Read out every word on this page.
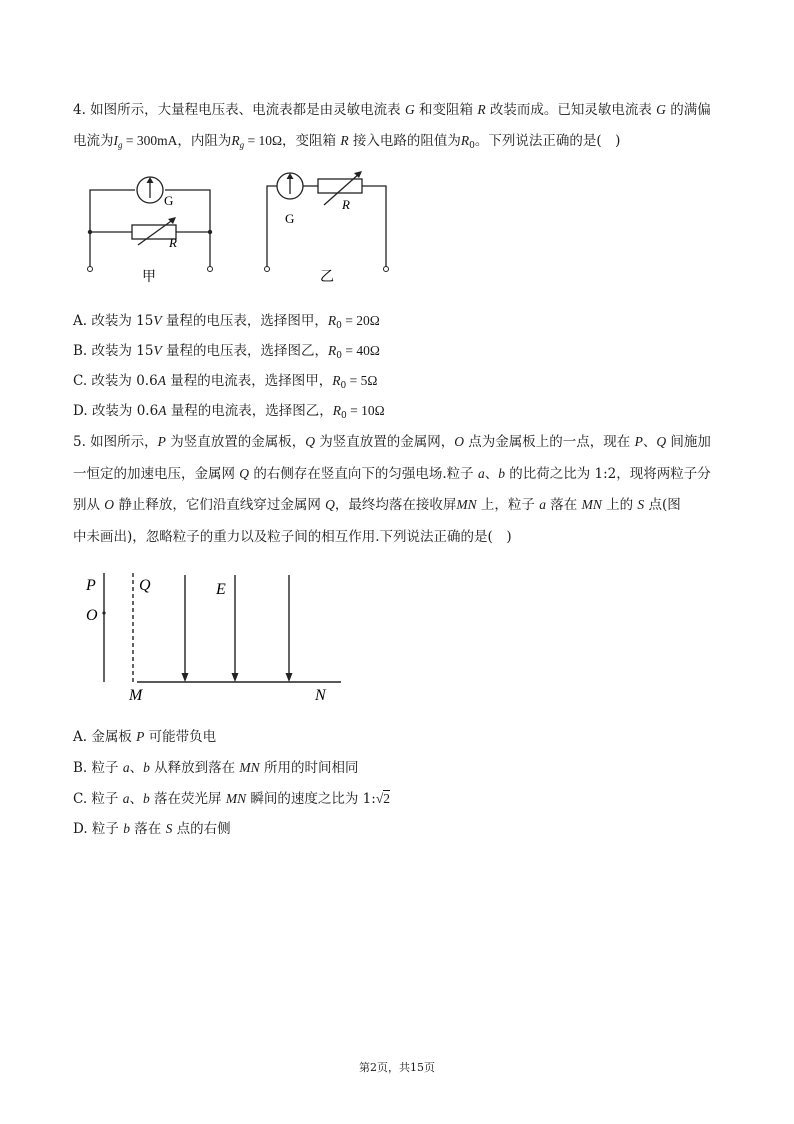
4. 如图所示，大量程电压表、电流表都是由灵敏电流表 G 和变阻箱 R 改装而成。已知灵敏电流表 G 的满偏
电流为$I_g = 300mA$，内阻为$R_g = 10\Omega$，变阻箱 R 接入电路的阻值为$R_0$。下列说法正确的是(　)
G
R
G
R
甲	乙
A. 改装为 15V 量程的电压表，选择图甲，$R_0 = 20\Omega$
B. 改装为 15V 量程的电压表，选择图乙，$R_0 = 40\Omega$
C. 改装为 0.6A 量程的电流表，选择图甲，$R_0 = 5\Omega$
D. 改装为 0.6A 量程的电流表，选择图乙，$R_0 = 10\Omega$
5. 如图所示，P 为竖直放置的金属板，Q 为竖直放置的金属网，O 点为金属板上的一点，现在 P、Q 间施加
一恒定的加速电压，金属网 Q 的右侧存在竖直向下的匀强电场.粒子 a、b 的比荷之比为 1:2，现将两粒子分
别从 O 静止释放，它们沿直线穿过金属网 Q，最终均落在接收屏MN 上，粒子 a 落在 MN 上的 S 点(图
中未画出)，忽略粒子的重力以及粒子间的相互作用.下列说法正确的是(　)
P
O
Q	E
M	N
A. 金属板 P 可能带负电
B. 粒子 a、b 从释放到落在 MN 所用的时间相同
C. 粒子 a、b 落在荧光屏 MN 瞬间的速度之比为 1:√2
D. 粒子 b 落在 S 点的右侧
第2页，共15页
